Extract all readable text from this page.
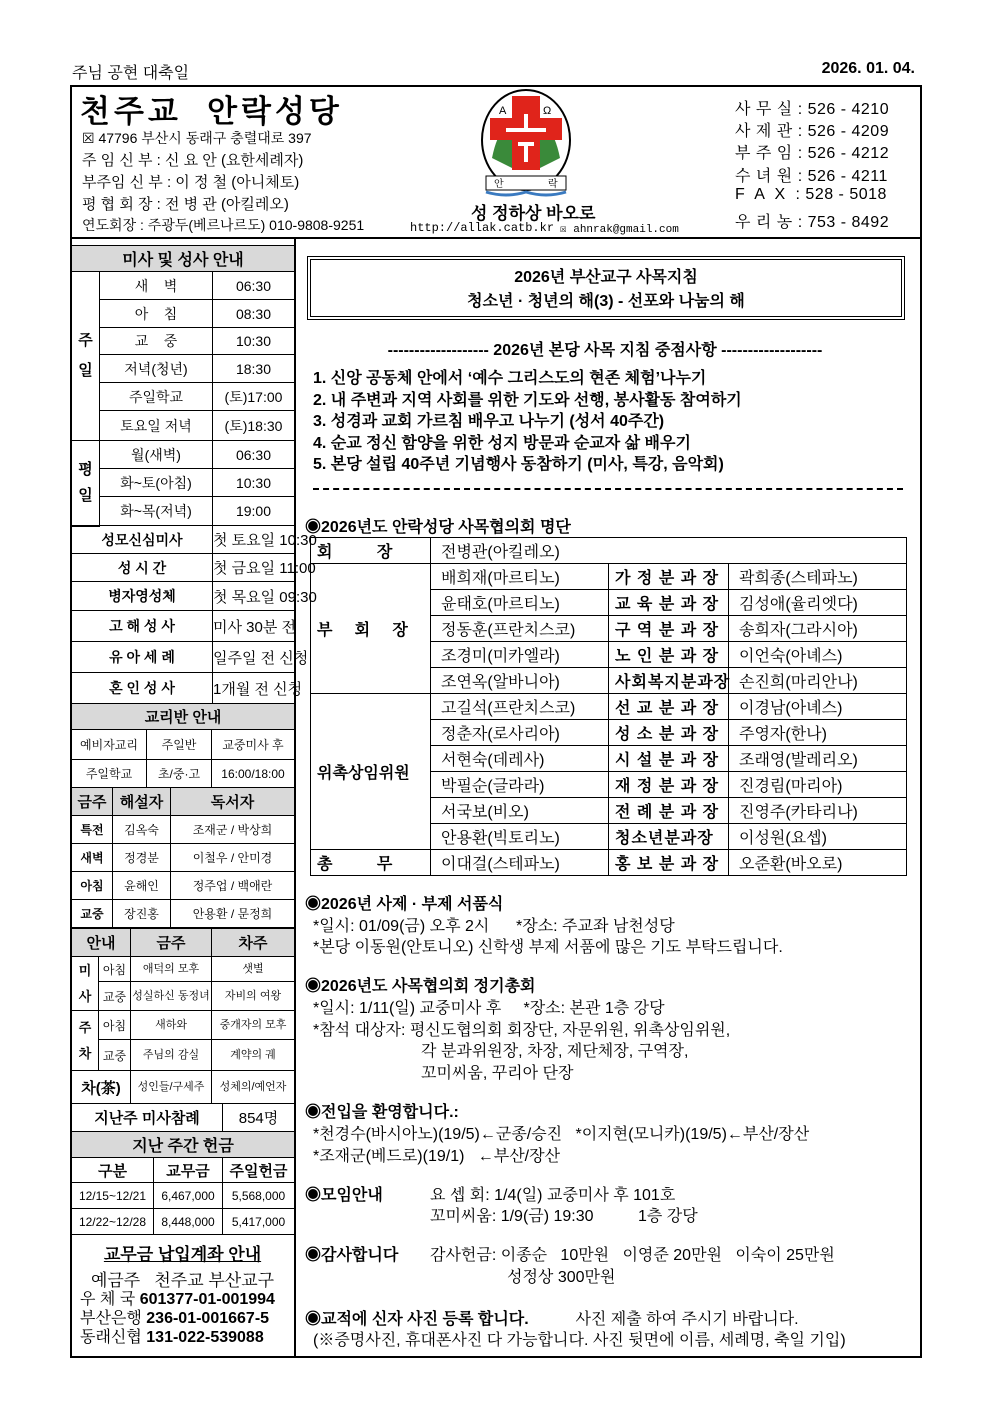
주님 공현 대축일	2026. 01. 04.
천주교  안락성당
☒ 47796 부산시 동래구 충렬대로 397
주 임 신 부 : 신 요 안 (요한세례자)
부주임 신 부 : 이 정 철 (아니체토)
평 협 회 장 : 전 병 관 (아킬레오)
연도회장 : 주광두(베르나르도) 010-9808-9251
A	Ω
안	락
성 정하상 바오로
http://allak.catb.kr ☒ ahnrak@gmail.com
사 무 실 : 526 - 4210
사 제 관 : 526 - 4209
부 주 임 : 526 - 4212
수 녀 원 : 526 - 4211
F  A  X  : 528 - 5018
우 리 농 : 753 - 8492
미사 및 성사 안내		
주 일	새    벽	06:30
	아    침	08:30
	교    중	10:30
	저녁(청년)	18:30
	주일학교	(토)17:00
	토요일 저녁	(토)18:30
평 일	월(새벽)	06:30
	화~토(아침)	10:30
	화~목(저녁)	19:00
성모신심미사		첫 토요일 10:30
성 시 간		첫 금요일 11:00
병자영성체		첫 목요일 09:30
고 해 성 사		미사 30분 전
유 아 세 례		일주일 전 신청
혼 인 성 사		1개월 전 신청
교리반 안내		
예비자교리	주일반	교중미사 후
주일학교	초/중·고	16:00/18:00
금주	해설자	독서자
특전	김옥숙	조재군 / 박상희
새벽	정경분	이철우 / 안미경
아침	윤해인	정주업 / 백애란
교중	장진홍	안용환 / 문정희
안내		금주	차주
미 사	아침	애덕의 모후	샛별
	교중	성실하신 동정녀	자비의 여왕
주 차	아침	새하와	중개자의 모후
	교중	주님의 감실	계약의 궤
차(茶)		성인들/구세주	성체의/예언자
지난주 미사참례		854명
지난 주간 헌금		
구분	교무금	주일헌금
12/15~12/21	6,467,000	5,568,000
12/22~12/28	8,448,000	5,417,000
교무금 납입계좌 안내
예금주   천주교 부산교구
우 체 국 601377-01-001994
부산은행 236-01-001667-5
동래신협 131-022-539088
2026년 부산교구 사목지침
청소년 · 청년의 해(3) - 선포와 나눔의 해
------------------- 2026년 본당 사목 지침 중점사항 -------------------
1. 신앙 공동체 안에서 ‘예수 그리스도의 현존 체험’나누기
2. 내 주변과 지역 사회를 위한 기도와 선행, 봉사활동 참여하기
3. 성경과 교회 가르침 배우고 나누기 (성서 40주간)
4. 순교 정신 함양을 위한 성지 방문과 순교자 삶 배우기
5. 본당 설립 40주년 기념행사 동참하기 (미사, 특강, 음악회)
◉2026년도 안락성당 사목협의회 명단
회          장	전병관(아킬레오)		
부     회     장	배희재(마르티노)	가 정 분 과 장	곽희종(스테파노)
	윤태호(마르티노)	교 육 분 과 장	김성애(율리엣다)
	정동훈(프란치스코)	구 역 분 과 장	송희자(그라시아)
	조경미(미카엘라)	노 인 분 과 장	이언숙(아녜스)
	조연옥(알바니아)	사회복지분과장	손진희(마리안나)
위촉상임위원	고길석(프란치스코)	선 교 분 과 장	이경남(아녜스)
	정춘자(로사리아)	성 소 분 과 장	주영자(한나)
	서현숙(데레사)	시 설 분 과 장	조래영(발레리오)
	박필순(글라라)	재 정 분 과 장	진경림(마리아)
	서국보(비오)	전 례 분 과 장	진영주(카타리나)
	안용환(빅토리노)	청소년분과장	이성원(요셉)
총          무	이대걸(스테파노)	홍 보 분 과 장	오준환(바오로)
◉2026년 사제 · 부제 서품식
*일시: 01/09(금) 오후 2시      *장소: 주교좌 남천성당
*본당 이동원(안토니오) 신학생 부제 서품에 많은 기도 부탁드립니다.
◉2026년도 사목협의회 정기총회
*일시: 1/11(일) 교중미사 후     *장소: 본관 1층 강당
*참석 대상자: 평신도협의회 회장단, 자문위원, 위촉상임위원,
각 분과위원장, 차장, 제단체장, 구역장,
꼬미씨움, 꾸리아 단장
◉전입을 환영합니다.:
*천경수(바시아노)(19/5)←군종/승진   *이지현(모니카)(19/5)←부산/장산
*조재군(베드로)(19/1)   ←부산/장산
◉모임안내	요 셉 회: 1/4(일) 교중미사 후 101호
꼬미씨움: 1/9(금) 19:30          1층 강당
◉감사합니다 감사헌금: 이종순   10만원   이영준 20만원   이숙이 25만원
성정상 300만원
◉교적에 신자 사진 등록 합니다.	사진 제출 하여 주시기 바랍니다.
(※증명사진, 휴대폰사진 다 가능합니다. 사진 뒷면에 이름, 세례명, 축일 기입)
